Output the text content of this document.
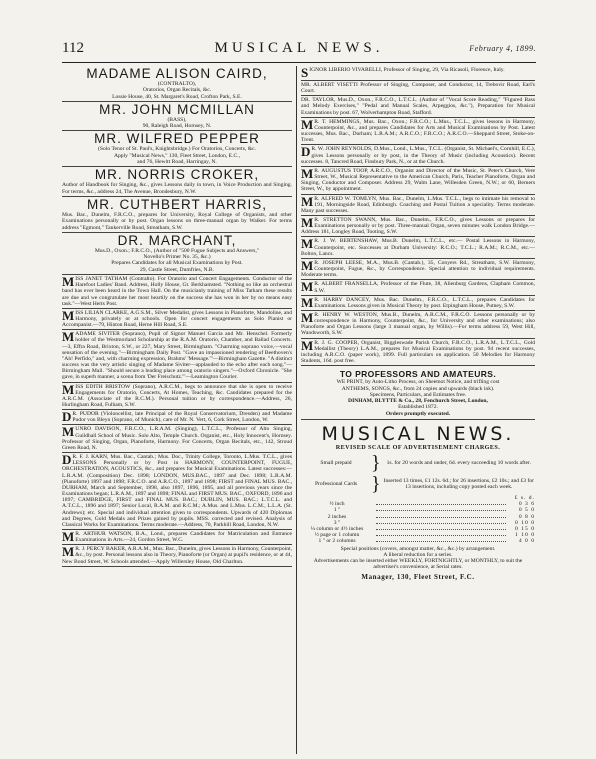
112	MUSICAL NEWS.	February 4, 1899.
MADAME ALISON CAIRD,
(CONTRALTO),
Oratorios, Organ Recitals, &c.
Lossie House, 40, St. Margaret's Road, Crofton Park, S.E.
MR. JOHN MCMILLAN
(BASS),
90, Raleigh Road, Hornsey, N.
MR. WILFRED PEPPER
(Solo Tenor of St. Paul's, Knightsbridge.) For Oratorios, Concerts, &c.
Apply "Musical News," 130, Fleet Street, London, E.C.,
and 76, Hewitt Road, Harringay, N.
MR. NORRIS CROKER,
Author of Handbook for Singing, &c., gives Lessons daily in town, in Voice Production and Singing. For terms, &c., address 24, The Avenue, Brondesbury, N.W.
MR. CUTHBERT HARRIS,
Mus. Bac., Dunelm, F.R.C.O., prepares for University, Royal College of Organists, and other Examinations personally or by post. Organ lessons on three-manual organ by Walker. For terms address "Egmont," Tankerville Road, Streatham, S.W.
DR. MARCHANT,
Mus.D., Oxon.; F.R.C.O., (Author of "500 Fugue Subjects and Answers,"
Novello's Primer No. 35, &c.)
Prepares Candidates for all Musical Examinations by Post.
29, Castle Street, Dumfries, N.B.
MISS JANET TATHAM (Contralto). For Oratorio and Concert Engagements. Conductor of the Harefoot Ladies' Band. Address, Holly House, Gt. Berkhamsted. "Nothing so like an orchestral band has ever been heard in the Town Hall. On the musicianly training of Miss Tatham these results are due and we congratulate her most heartily on the success she has won in her by no means easy task."—West Herts Post.
MISS LILIAN CLARKE, A.G.S.M., Silver Medalist, gives Lessons in Pianoforte, Mandoline, and Harmony, privately or at schools. Open for concert engagements as Solo Pianist or Accompanist.—79, Hinton Road, Herne Hill Road, S.E.
MADAME SIVITER (Soprano), Pupil of Signor Manuel Garcia and Mr. Henschel. Formerly holder of the Westmorland Scholarship at the R.A.M. Oratorio, Chamber, and Ballad Concerts.—3, Effra Road, Brixton, S.W., or 227, Mary Street, Birmingham. "Charming soprano voice,—vocal sensation of the evening."—Birmingham Daily Post. "Gave an impassioned rendering of Beethoven's "Ah! Perfido," and, with charming expression, Brahms' 'Message.'"—Birmingham Gazette. "A distinct success was the very artistic singing of Madame Siviter—applauded to the echo after each song."—Birmingham Mail. "Should secure a leading place among oratorio singers."—Oxford Chronicle. "She gave, in superb manner, a scena from 'Der Freischutz.'"—Leamington Courier.
MISS EDITH BRISTOW (Soprano), A.R.C.M., begs to announce that she is open to receive Engagements for Oratorio, Concerts, At Homes, Teaching, &c. Candidates prepared for the A.R.C.M. (Associate of the R.C.M.). Personal tuition or by correspondence.—Address, 26, Hurlingham Road, Fulham, S.W.
D R. PUDOR (Violoncellist, late Principal of the Royal Conservatorium, Dresden) and Madame Pudor von Bleyn (Soprano, of Munich), care of Mr. N. Vert, 6, Cork Street, London, W.
MUNRO DAVISON, F.R.C.O., L.R.A.M. (Singing), L.T.C.L., Professor of Alto Singing, Guildhall School of Music. Solo Alto, Temple Church. Organist, etc., Holy Innocent's, Hornsey. Professor of Singing, Organ, Pianoforte, Harmony. For Concerts, Organ Recitals, etc., 142, Stroud Green Road, N.
D R. F. J. KARN, Mus. Bac., Cantab.; Mus. Doc., Trinity College, Toronto, L.Mus. T.C.L., gives LESSONS Personally or by Post in HARMONY, COUNTERPOINT, FUGUE, ORCHESTRATION, ACOUSTICS, &c., and prepares for Musical Examinations. Latest successes:—L.R.A.M. (Composition) Dec. 1898; LONDON, MUS.BAC., 1897 and Dec. 1898; L.R.A.M. (Pianoforte) 1897 and 1898; F.R.C.O. and A.R.C.O., 1897 and 1898; FIRST and FINAL MUS. BAC., DURHAM, March and September, 1898, also 1897, 1896, 1895, and all previous years since the Examinations began; L.R.A.M., 1897 and 1898; FINAL and FIRST MUS. BAC., OXFORD, 1896 and 1897; CAMBRIDGE, FIRST and FINAL MUS. BAC.; DUBLIN, MUS. BAC.; L.T.C.L. and A.T.C.L., 1896 and 1897; Senior Local, R.A.M. and R.C.M.; A.Mus. and L.Mus. L.C.M., L.L.A. (St. Andrews); etc. Special and individual attention given to correspondents. Upwards of 420 Diplomas and Degrees, Gold Medals and Prizes gained by pupils. MSS. corrected and revised. Analysis of Classical Works for Examinations. Terms moderate.—Address, 70, Parkhill Road, London, N.W.
M R. ARTHUR WATSON, B.A., Lond., prepares Candidates for Matriculation and Entrance Examinations in Arts.—24, Gordon Street, W.C.
M R. J. PERCY BAKER, A.R.A.M., Mus. Bac., Dunelm, gives Lessons in Harmony, Counterpoint, &c., by post. Personal lessons also in Theory, Pianoforte (or Organ) at pupil's residence, or at 44, New Bond Street, W. Schools attended.—Apply Willersley House, Old Charlton.
SIGNOR LIBERIO VIVARELLI, Professor of Singing, 29, Via Ricasoli, Florence, Italy.
MR. ALBERT VISETTI Professor of Singing, Composer, and Conductor, 14, Trebovir Road, Earl's Court.
DR. TAYLOR, Mus.D., Oxon., F.R.C.O., L.T.C.L. (Author of "Vocal Score Reading," "Figured Bass and Melody Exercises," "Pedal and Manual Scales, Arpeggios, &c."), Preparation for Musical Examinations by post. 67, Wolverhampton Road, Stafford.
M R. T. HEMMINGS, Mus. Bac., Oxon.; F.R.C.O.; L.Mus., T.C.L., gives lessons in Harmony, Counterpoint, &c., and prepares Candidates for Arts and Musical Examinations by Post. Latest successes, Mus. Bac., Durham; L.R.A.M.; A.R.C.O.; F.R.C.O.; A.R.C.O.—Sheppard Street, Stoke-on-Trent.
D R. W. JOHN REYNOLDS, D.Mus., Lond., L.Mus., T.C.L. (Organist, St. Michael's, Cornhill, E.C.), gives Lessons personally or by post, in the Theory of Music (including Acoustics). Recent successes. 8, Tancred Road, Finsbury Park, N., or at the Church.
M R. AUGUSTUS TOOP, A.R.C.O., Organist and Director of the Music, St. Peter's Church, Vere Street, W., Musical Representative to the American Church, Paris, Teacher Pianoforte, Organ and Singing, Conductor and Composer. Address 29, Walm Lane, Willesden Green, N.W.; or 60, Berners Street, W., by appointment.
M R. ALFRED W. TOMLYN, Mus. Bac., Dunelm, L.Mus. T.C.L., begs to intimate his removal to 191, Morningside Road, Edinburgh. Coaching and Postal Tuition a speciality. Terms moderate. Many past successes.
M R. STRETTON SWANN, Mus. Bac., Dunelm., F.R.C.O., gives Lessons or prepares for Examinations personally or by post. Three-manual Organ, seven minutes walk London Bridge.—Address 181, Longley Road, Tooting, S.W.
M R. J. W. BERTENSHAW, Mus.B. Dunelm, L.T.C.L., etc.— Postal Lessons in Harmony, Counterpoint, etc. Successes at Durham University: R.C.O.; T.C.L.; R.A.M.; R.C.M., etc.—Bolton, Lancs.
M R. JOSEPH LEESE, M.A., Mus.B. (Cantab.), 35, Conyers Rd., Streatham, S.W. Harmony, Counterpoint, Fugue, &c., by Correspondence. Special attention to individual requirements. Moderate terms.
M R. ALBERT FRANSELLA, Professor of the Flute, 38, Alienburg Gardens, Clapham Common, S.W.
M R. HARRY DANCEY, Mus. Bac. Dunelm., F.R.C.O., L.T.C.L., prepares Candidates for Examinations. Lessons given in Musical Theory by post. Erpingham House, Putney, S.W.
M R. HENRY W. WESTON, Mus.B., Dunelm, A.R.C.M., F.R.C.O. Lessons personally or by correspondence in Harmony, Counterpoint, &c., for University and other examinations; also Pianoforte and Organ Lessons (large 3 manual organ, by Willis).—For terms address 59, West Hill, Wandsworth, S.W.
M R. J. G. COOPER, Organist, Biggleswade Parish Church, F.R.C.O., L.R.A.M., L.T.C.L., Gold Medallist (Theory) L.A.M., prepares for Musical Examinations by post. 94 recent successes, including A.R.C.O. (paper work), 1899. Full particulars on application. 50 Melodies for Harmony Students, 16d. post free.
TO PROFESSORS AND AMATEURS.
WE PRINT, by Auto-Litho Process, on Sheetnot Notice, and trifling cost
ANTHEMS, SONGS, &c., from 24 copies and upwards (black ink).
Specimens, Particulars, and Estimates free.
DINHAM, BLYTTE & Co., 28, Fenchurch Street, London,
Established 1872.
Orders promptly executed.
MUSICAL NEWS.
REVISED SCALE OF ADVERTISEMENT CHARGES.
Small prepaid }	1s. for 20 words and under, 6d. every succeeding 10 words after.
Professional Cards } Inserted 13 times, £1 12s. 6d.; for 26 insertions, £2 10s.; and £3 for 13 insertions, including copy posted each week.
£ s. d.
½ inch	0 3 6
1 "	0 5 0
2 inches	0 8 0
3 "	0 10 0
¼ column or 4½ inches	0 15 0
½ page or 1 column	1 10 0
1 " or 2 columns	4 0 0
Special positions (covers, amongst matter, &c., &c.) by arrangement.
A liberal reduction for a series.
Advertisements can be inserted either WEEKLY, FORTNIGHTLY, or MONTHLY, to suit the advertiser's convenience, at Serial rates.
Manager, 130, Fleet Street, F.C.
